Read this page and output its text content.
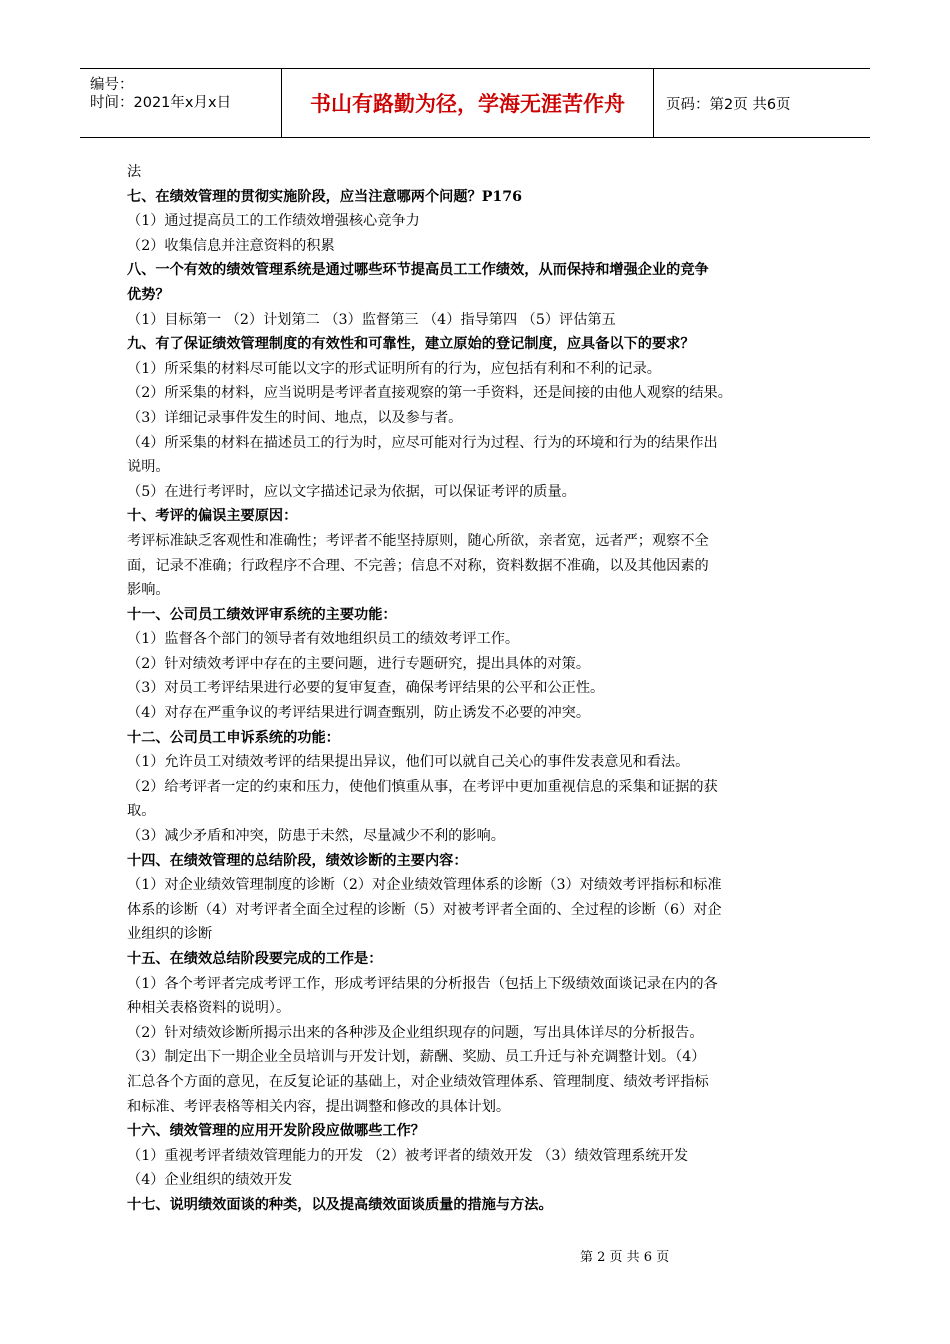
编号：
时间：2021年x月x日	书山有路勤为径，学海无涯苦作舟	页码：第2页 共6页
法
七、在绩效管理的贯彻实施阶段，应当注意哪两个问题？P176
（1）通过提高员工的工作绩效增强核心竞争力
（2）收集信息并注意资料的积累
八、一个有效的绩效管理系统是通过哪些环节提高员工工作绩效，从而保持和增强企业的竞争
优势？
（1）目标第一 （2）计划第二 （3）监督第三 （4）指导第四 （5）评估第五
九、有了保证绩效管理制度的有效性和可靠性，建立原始的登记制度，应具备以下的要求？
（1）所采集的材料尽可能以文字的形式证明所有的行为，应包括有利和不利的记录。
（2）所采集的材料，应当说明是考评者直接观察的第一手资料，还是间接的由他人观察的结果。
（3）详细记录事件发生的时间、地点，以及参与者。
（4）所采集的材料在描述员工的行为时，应尽可能对行为过程、行为的环境和行为的结果作出
说明。
（5）在进行考评时，应以文字描述记录为依据，可以保证考评的质量。
十、考评的偏误主要原因：
考评标准缺乏客观性和准确性；考评者不能坚持原则，随心所欲，亲者宽，远者严；观察不全
面，记录不准确；行政程序不合理、不完善；信息不对称，资料数据不准确，以及其他因素的
影响。
十一、公司员工绩效评审系统的主要功能：
（1）监督各个部门的领导者有效地组织员工的绩效考评工作。
（2）针对绩效考评中存在的主要问题，进行专题研究，提出具体的对策。
（3）对员工考评结果进行必要的复审复查，确保考评结果的公平和公正性。
（4）对存在严重争议的考评结果进行调查甄别，防止诱发不必要的冲突。
十二、公司员工申诉系统的功能：
（1）允许员工对绩效考评的结果提出异议，他们可以就自己关心的事件发表意见和看法。
（2）给考评者一定的约束和压力，使他们慎重从事，在考评中更加重视信息的采集和证据的获
取。
（3）减少矛盾和冲突，防患于未然，尽量减少不利的影响。
十四、在绩效管理的总结阶段，绩效诊断的主要内容：
（1）对企业绩效管理制度的诊断（2）对企业绩效管理体系的诊断（3）对绩效考评指标和标准
体系的诊断（4）对考评者全面全过程的诊断（5）对被考评者全面的、全过程的诊断（6）对企
业组织的诊断
十五、在绩效总结阶段要完成的工作是：
（1）各个考评者完成考评工作，形成考评结果的分析报告（包括上下级绩效面谈记录在内的各
种相关表格资料的说明）。
（2）针对绩效诊断所揭示出来的各种涉及企业组织现存的问题，写出具体详尽的分析报告。
（3）制定出下一期企业全员培训与开发计划，薪酬、奖励、员工升迁与补充调整计划。（4）
汇总各个方面的意见，在反复论证的基础上，对企业绩效管理体系、管理制度、绩效考评指标
和标准、考评表格等相关内容，提出调整和修改的具体计划。
十六、绩效管理的应用开发阶段应做哪些工作？
（1）重视考评者绩效管理能力的开发 （2）被考评者的绩效开发 （3）绩效管理系统开发
（4）企业组织的绩效开发
十七、说明绩效面谈的种类，以及提高绩效面谈质量的措施与方法。
第 2 页 共 6 页
